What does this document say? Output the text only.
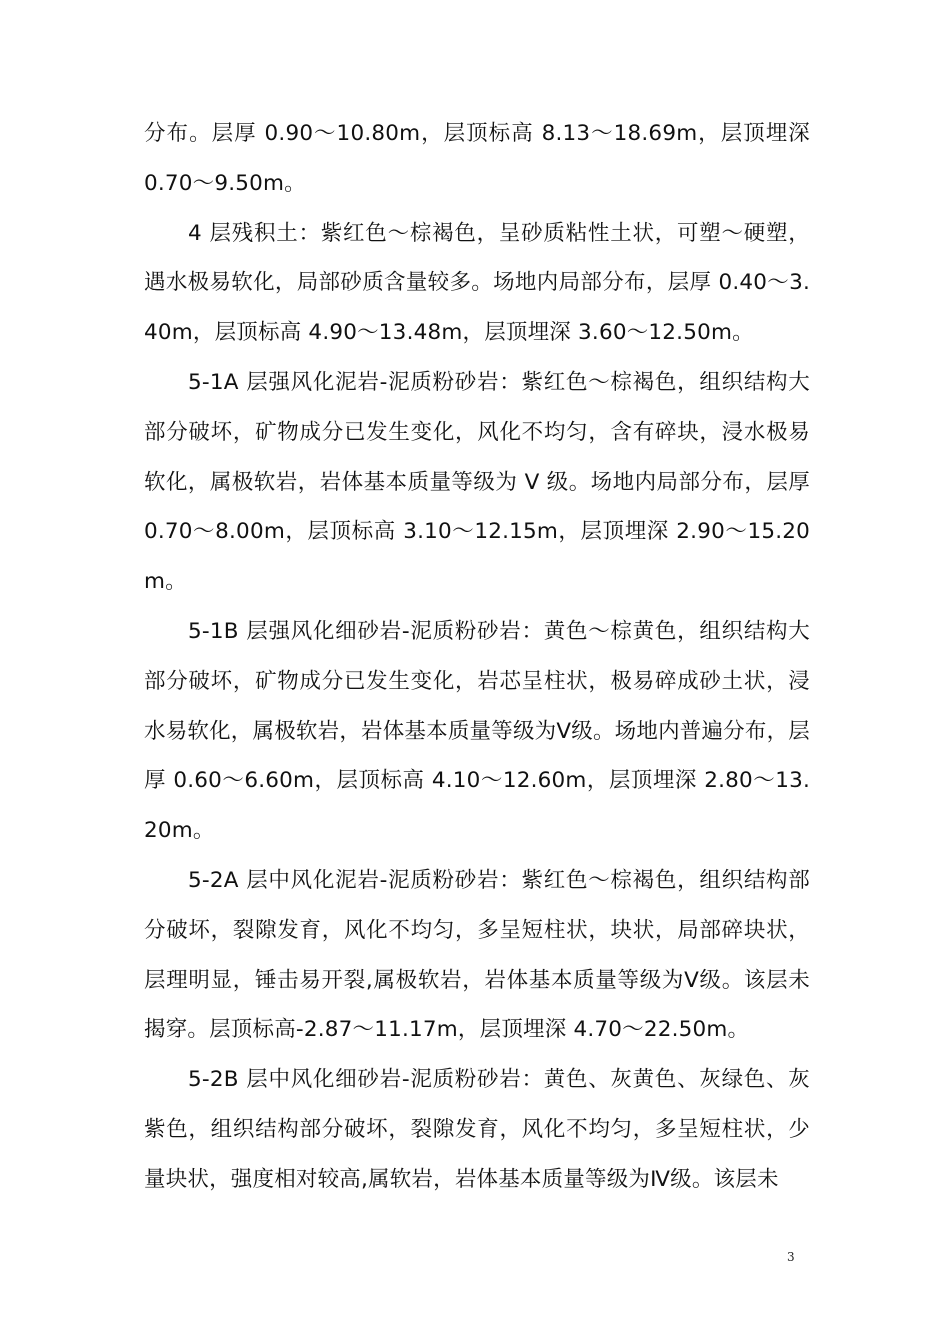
分布。层厚 0.90～10.80m，层顶标高 8.13～18.69m，层顶埋深 0.70～9.50m。

4 层残积土：紫红色～棕褐色，呈砂质粘性土状，可塑～硬塑，遇水极易软化，局部砂质含量较多。场地内局部分布，层厚 0.40～3.40m，层顶标高 4.90～13.48m，层顶埋深 3.60～12.50m。

5-1A 层强风化泥岩-泥质粉砂岩：紫红色～棕褐色，组织结构大部分破坏，矿物成分已发生变化，风化不均匀，含有碎块，浸水极易软化，属极软岩，岩体基本质量等级为 V 级。场地内局部分布，层厚 0.70～8.00m，层顶标高 3.10～12.15m，层顶埋深 2.90～15.20m。

5-1B 层强风化细砂岩-泥质粉砂岩：黄色～棕黄色，组织结构大部分破坏，矿物成分已发生变化，岩芯呈柱状，极易碎成砂土状，浸水易软化，属极软岩，岩体基本质量等级为Ⅴ级。场地内普遍分布，层厚 0.60～6.60m，层顶标高 4.10～12.60m，层顶埋深 2.80～13.20m。

5-2A 层中风化泥岩-泥质粉砂岩：紫红色～棕褐色，组织结构部分破坏，裂隙发育，风化不均匀，多呈短柱状，块状，局部碎块状，层理明显，锤击易开裂,属极软岩，岩体基本质量等级为Ⅴ级。该层未揭穿。层顶标高-2.87～11.17m，层顶埋深 4.70～22.50m。

5-2B 层中风化细砂岩-泥质粉砂岩：黄色、灰黄色、灰绿色、灰紫色，组织结构部分破坏，裂隙发育，风化不均匀，多呈短柱状，少量块状，强度相对较高,属软岩，岩体基本质量等级为Ⅳ级。该层未

3
